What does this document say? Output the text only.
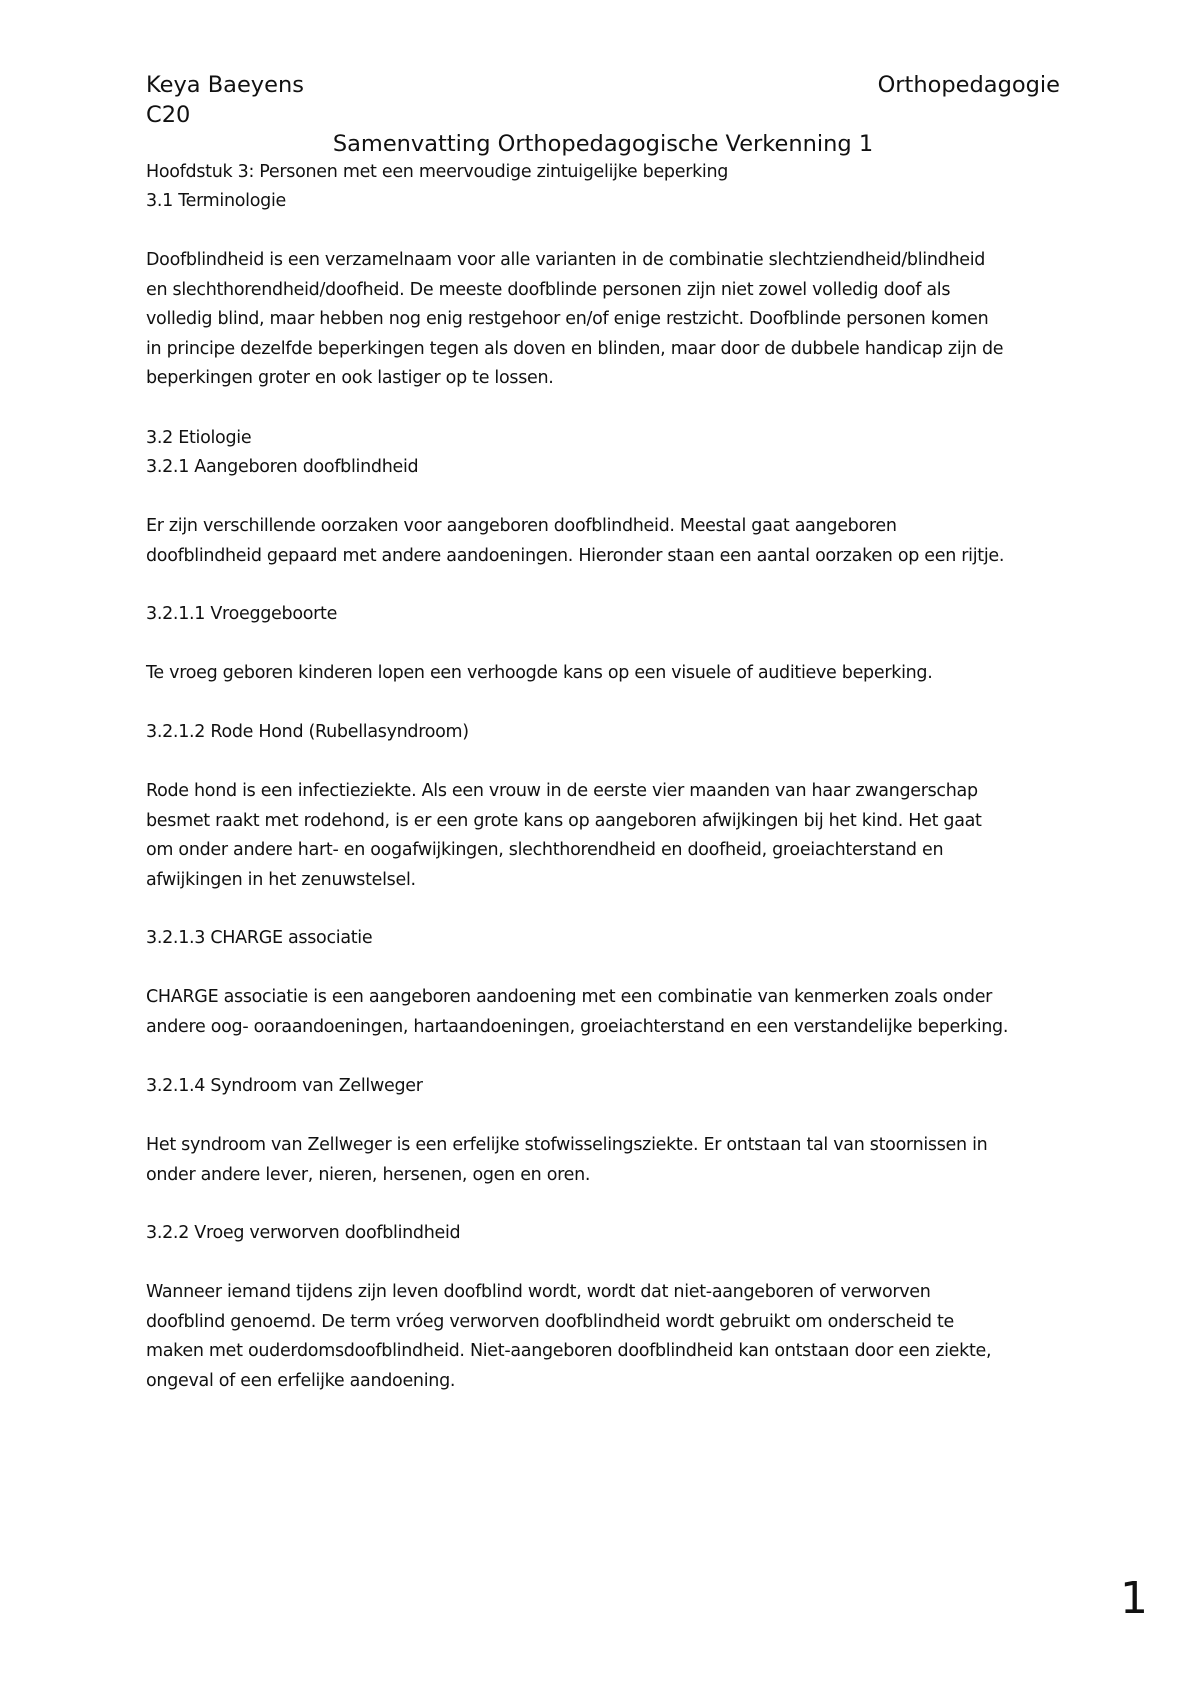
Keya Baeyens
C20
Orthopedagogie
Samenvatting Orthopedagogische Verkenning 1
Hoofdstuk 3: Personen met een meervoudige zintuigelijke beperking
3.1 Terminologie
Doofblindheid is een verzamelnaam voor alle varianten in de combinatie slechtziendheid/blindheid
en slechthorendheid/doofheid. De meeste doofblinde personen zijn niet zowel volledig doof als
volledig blind, maar hebben nog enig restgehoor en/of enige restzicht. Doofblinde personen komen
in principe dezelfde beperkingen tegen als doven en blinden, maar door de dubbele handicap zijn de
beperkingen groter en ook lastiger op te lossen.
3.2 Etiologie
3.2.1 Aangeboren doofblindheid
Er zijn verschillende oorzaken voor aangeboren doofblindheid. Meestal gaat aangeboren
doofblindheid gepaard met andere aandoeningen. Hieronder staan een aantal oorzaken op een rijtje.
3.2.1.1 Vroeggeboorte
Te vroeg geboren kinderen lopen een verhoogde kans op een visuele of auditieve beperking.
3.2.1.2 Rode Hond (Rubellasyndroom)
Rode hond is een infectieziekte. Als een vrouw in de eerste vier maanden van haar zwangerschap
besmet raakt met rodehond, is er een grote kans op aangeboren afwijkingen bij het kind. Het gaat
om onder andere hart- en oogafwijkingen, slechthorendheid en doofheid, groeiachterstand en
afwijkingen in het zenuwstelsel.
3.2.1.3 CHARGE associatie
CHARGE associatie is een aangeboren aandoening met een combinatie van kenmerken zoals onder
andere oog- ooraandoeningen, hartaandoeningen, groeiachterstand en een verstandelijke beperking.
3.2.1.4 Syndroom van Zellweger
Het syndroom van Zellweger is een erfelijke stofwisselingsziekte. Er ontstaan tal van stoornissen in
onder andere lever, nieren, hersenen, ogen en oren.
3.2.2 Vroeg verworven doofblindheid
Wanneer iemand tijdens zijn leven doofblind wordt, wordt dat niet-aangeboren of verworven
doofblind genoemd. De term vróeg verworven doofblindheid wordt gebruikt om onderscheid te
maken met ouderdomsdoofblindheid. Niet-aangeboren doofblindheid kan ontstaan door een ziekte,
ongeval of een erfelijke aandoening.
1
